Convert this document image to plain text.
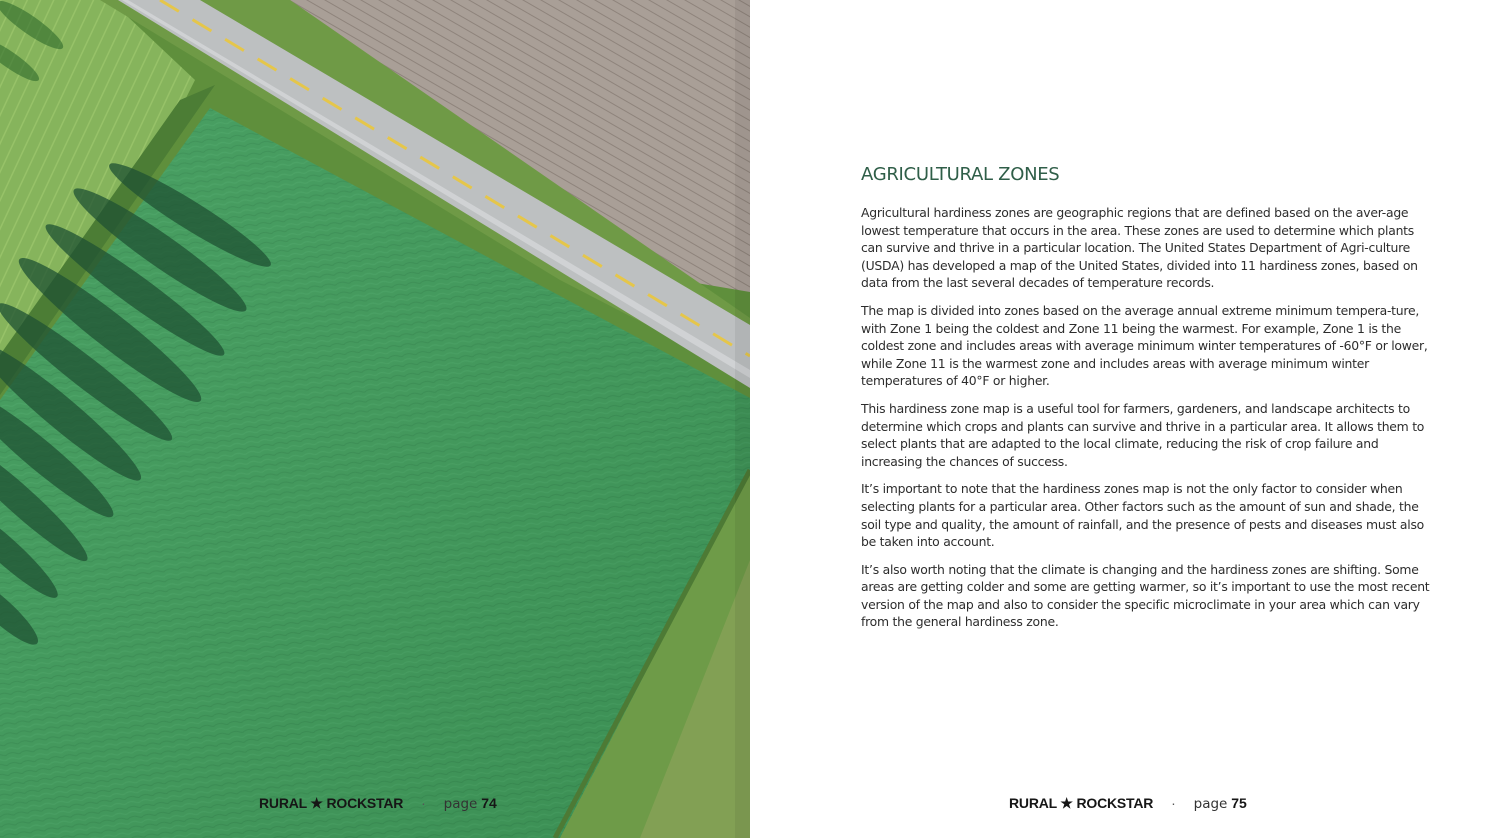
RURAL ★ ROCKSTAR · page 74
AGRICULTURAL ZONES

Agricultural hardiness zones are geographic regions that are defined based on the aver-age lowest temperature that occurs in the area. These zones are used to determine which plants can survive and thrive in a particular location. The United States Department of Agri-culture (USDA) has developed a map of the United States, divided into 11 hardiness zones, based on data from the last several decades of temperature records.

The map is divided into zones based on the average annual extreme minimum tempera-ture, with Zone 1 being the coldest and Zone 11 being the warmest. For example, Zone 1 is the coldest zone and includes areas with average minimum winter temperatures of -60°F or lower, while Zone 11 is the warmest zone and includes areas with average minimum winter temperatures of 40°F or higher.

This hardiness zone map is a useful tool for farmers, gardeners, and landscape architects to determine which crops and plants can survive and thrive in a particular area. It allows them to select plants that are adapted to the local climate, reducing the risk of crop failure and increasing the chances of success.

It’s important to note that the hardiness zones map is not the only factor to consider when selecting plants for a particular area. Other factors such as the amount of sun and shade, the soil type and quality, the amount of rainfall, and the presence of pests and diseases must also be taken into account.

It’s also worth noting that the climate is changing and the hardiness zones are shifting. Some areas are getting colder and some are getting warmer, so it’s important to use the most recent version of the map and also to consider the specific microclimate in your area which can vary from the general hardiness zone.

RURAL ★ ROCKSTAR · page 75
